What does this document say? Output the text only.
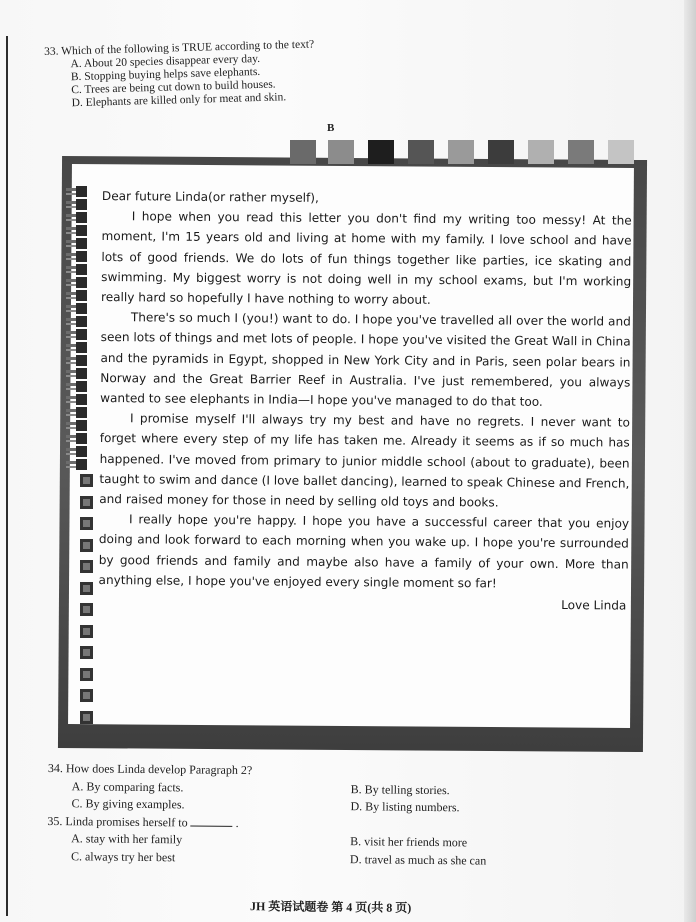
33. Which of the following is TRUE according to the text?

A. About 20 species disappear every day.
B. Stopping buying helps save elephants.
C. Trees are being cut down to build houses.
D. Elephants are killed only for meat and skin.
B

Dear future Linda(or rather myself),

I hope when you read this letter you don't find my writing too messy! At the moment, I'm 15 years old and living at home with my family. I love school and have lots of good friends. We do lots of fun things together like parties, ice skating and swimming. My biggest worry is not doing well in my school exams, but I'm working really hard so hopefully I have nothing to worry about.

There's so much I (you!) want to do. I hope you've travelled all over the world and seen lots of things and met lots of people. I hope you've visited the Great Wall in China and the pyramids in Egypt, shopped in New York City and in Paris, seen polar bears in Norway and the Great Barrier Reef in Australia. I've just remembered, you always wanted to see elephants in India—I hope you've managed to do that too.

I promise myself I'll always try my best and have no regrets. I never want to forget where every step of my life has taken me. Already it seems as if so much has happened. I've moved from primary to junior middle school (about to graduate), been taught to swim and dance (I love ballet dancing), learned to speak Chinese and French, and raised money for those in need by selling old toys and books.

I really hope you're happy. I hope you have a successful career that you enjoy doing and look forward to each morning when you wake up. I hope you're surrounded by good friends and family and maybe also have a family of your own. More than anything else, I hope you've enjoyed every single moment so far!

Love Linda

34. How does Linda develop Paragraph 2?
A. By comparing facts.	B. By telling stories.
C. By giving examples.	D. By listing numbers.
35. Linda promises herself to	.
A. stay with her family	B. visit her friends more
C. always try her best	D. travel as much as she can
JH 英语试题卷 第 4 页(共 8 页)
